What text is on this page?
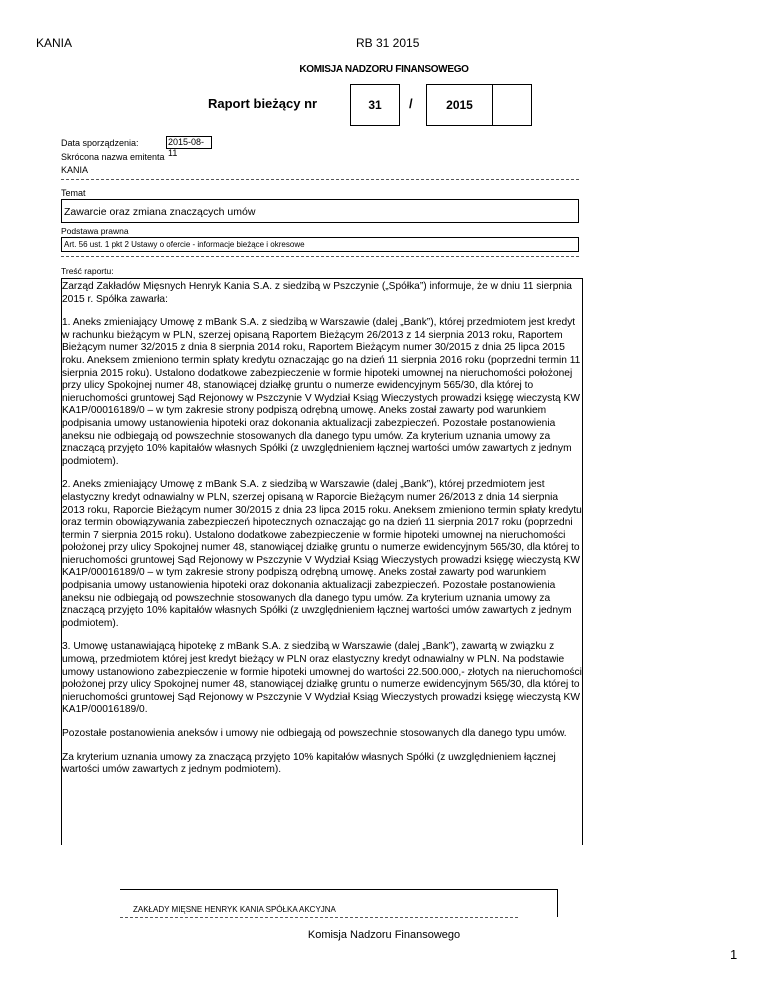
KANIA	RB 31 2015
KOMISJA NADZORU FINANSOWEGO
Raport bieżący nr	31	/	2015
Data sporządzenia:	2015-08-11
Skrócona nazwa emitenta
KANIA
Temat
Zawarcie oraz zmiana znaczących umów
Podstawa prawna
Art. 56 ust. 1 pkt 2 Ustawy o ofercie - informacje bieżące i okresowe
Treść raportu:

Zarząd Zakładów Mięsnych Henryk Kania S.A. z siedzibą w Pszczynie („Spółka”) informuje, że w dniu 11 sierpnia 2015 r. Spółka zawarła:

1. Aneks zmieniający Umowę z mBank S.A. z siedzibą w Warszawie (dalej „Bank”), której przedmiotem jest kredyt w rachunku bieżącym w PLN, szerzej opisaną Raportem Bieżącym 26/2013 z 14 sierpnia 2013 roku, Raportem Bieżącym numer 32/2015 z dnia 8 sierpnia 2014 roku, Raportem Bieżącym numer 30/2015 z dnia 25 lipca 2015 roku. Aneksem zmieniono termin spłaty kredytu oznaczając go na dzień 11 sierpnia 2016 roku (poprzedni termin 11 sierpnia 2015 roku). Ustalono dodatkowe zabezpieczenie w formie hipoteki umownej na nieruchomości położonej przy ulicy Spokojnej numer 48, stanowiącej działkę gruntu o numerze ewidencyjnym 565/30, dla której to nieruchomości gruntowej Sąd Rejonowy w Pszczynie V Wydział Ksiąg Wieczystych prowadzi księgę wieczystą KW KA1P/00016189/0 – w tym zakresie strony podpiszą odrębną umowę. Aneks został zawarty pod warunkiem podpisania umowy ustanowienia hipoteki oraz dokonania aktualizacji zabezpieczeń. Pozostałe postanowienia aneksu nie odbiegają od powszechnie stosowanych dla danego typu umów. Za kryterium uznania umowy za znaczącą przyjęto 10% kapitałów własnych Spółki (z uwzględnieniem łącznej wartości umów zawartych z jednym podmiotem).

2. Aneks zmieniający Umowę z mBank S.A. z siedzibą w Warszawie (dalej „Bank”), której przedmiotem jest elastyczny kredyt odnawialny w PLN, szerzej opisaną w Raporcie Bieżącym numer 26/2013 z dnia 14 sierpnia 2013 roku, Raporcie Bieżącym numer 30/2015 z dnia 23 lipca 2015 roku. Aneksem zmieniono termin spłaty kredytu oraz termin obowiązywania zabezpieczeń hipotecznych oznaczając go na dzień 11 sierpnia 2017 roku (poprzedni termin 7 sierpnia 2015 roku). Ustalono dodatkowe zabezpieczenie w formie hipoteki umownej na nieruchomości położonej przy ulicy Spokojnej numer 48, stanowiącej działkę gruntu o numerze ewidencyjnym 565/30, dla której to nieruchomości gruntowej Sąd Rejonowy w Pszczynie V Wydział Ksiąg Wieczystych prowadzi księgę wieczystą KW KA1P/00016189/0 – w tym zakresie strony podpiszą odrębną umowę. Aneks został zawarty pod warunkiem podpisania umowy ustanowienia hipoteki oraz dokonania aktualizacji zabezpieczeń. Pozostałe postanowienia aneksu nie odbiegają od powszechnie stosowanych dla danego typu umów. Za kryterium uznania umowy za znaczącą przyjęto 10% kapitałów własnych Spółki (z uwzględnieniem łącznej wartości umów zawartych z jednym podmiotem).

3. Umowę ustanawiającą hipotekę z mBank S.A. z siedzibą w Warszawie (dalej „Bank”), zawartą w związku z umową, przedmiotem której jest kredyt bieżący w PLN oraz elastyczny kredyt odnawialny w PLN. Na podstawie umowy ustanowiono zabezpieczenie w formie hipoteki umownej do wartości 22.500.000,- złotych na nieruchomości położonej przy ulicy Spokojnej numer 48, stanowiącej działkę gruntu o numerze ewidencyjnym 565/30, dla której to nieruchomości gruntowej Sąd Rejonowy w Pszczynie V Wydział Ksiąg Wieczystych prowadzi księgę wieczystą KW KA1P/00016189/0.

Pozostałe postanowienia aneksów i umowy nie odbiegają od powszechnie stosowanych dla danego typu umów.

Za kryterium uznania umowy za znaczącą przyjęto 10% kapitałów własnych Spółki (z uwzględnieniem łącznej wartości umów zawartych z jednym podmiotem).

ZAKŁADY MIĘSNE HENRYK KANIA SPÓŁKA AKCYJNA
Komisja Nadzoru Finansowego
1
